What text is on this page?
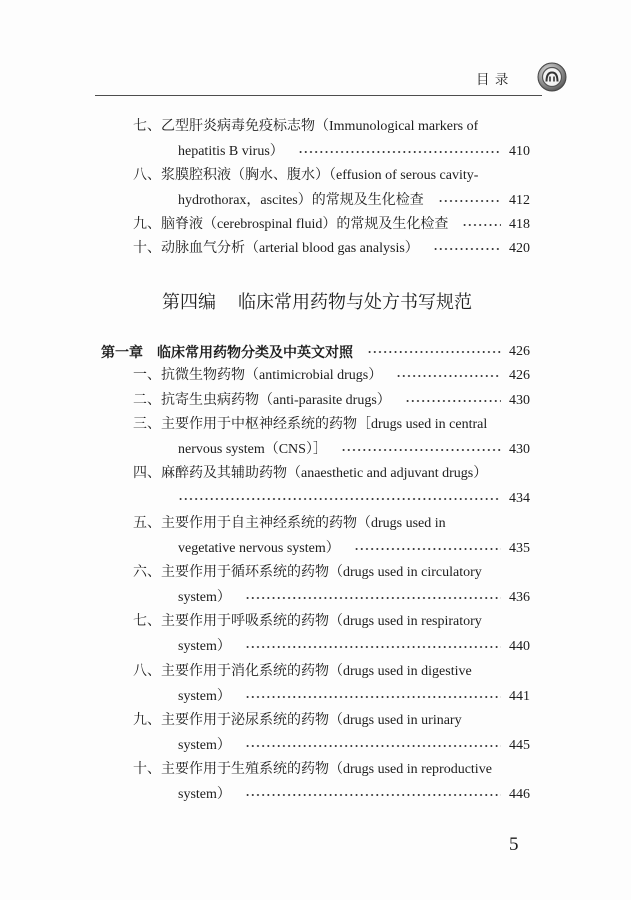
目 录
七、 乙型肝炎病毒免疫标志物（Immunological markers of
hepatitis B virus）	410
八、 浆膜腔积液（胸水、腹水）（effusion of serous cavity-
hydrothorax，ascites）的常规及生化检查	412
九、 脑脊液（cerebrospinal fluid）的常规及生化检查	418
十、 动脉血气分析（arterial blood gas analysis）	420
第四编 临床常用药物与处方书写规范
第一章 临床常用药物分类及中英文对照	426
一、 抗微生物药物（antimicrobial drugs）	426
二、 抗寄生虫病药物（anti-parasite drugs）	430
三、 主要作用于中枢神经系统的药物［drugs used in central
nervous system（CNS）］	430
四、 麻醉药及其辅助药物（anaesthetic and adjuvant drugs）
434
五、 主要作用于自主神经系统的药物（drugs used in
vegetative nervous system）	435
六、 主要作用于循环系统的药物（drugs used in circulatory
system）	436
七、 主要作用于呼吸系统的药物（drugs used in respiratory
system）	440
八、 主要作用于消化系统的药物（drugs used in digestive
system）	441
九、 主要作用于泌尿系统的药物（drugs used in urinary
system）	445
十、 主要作用于生殖系统的药物（drugs used in reproductive
system）	446
5
